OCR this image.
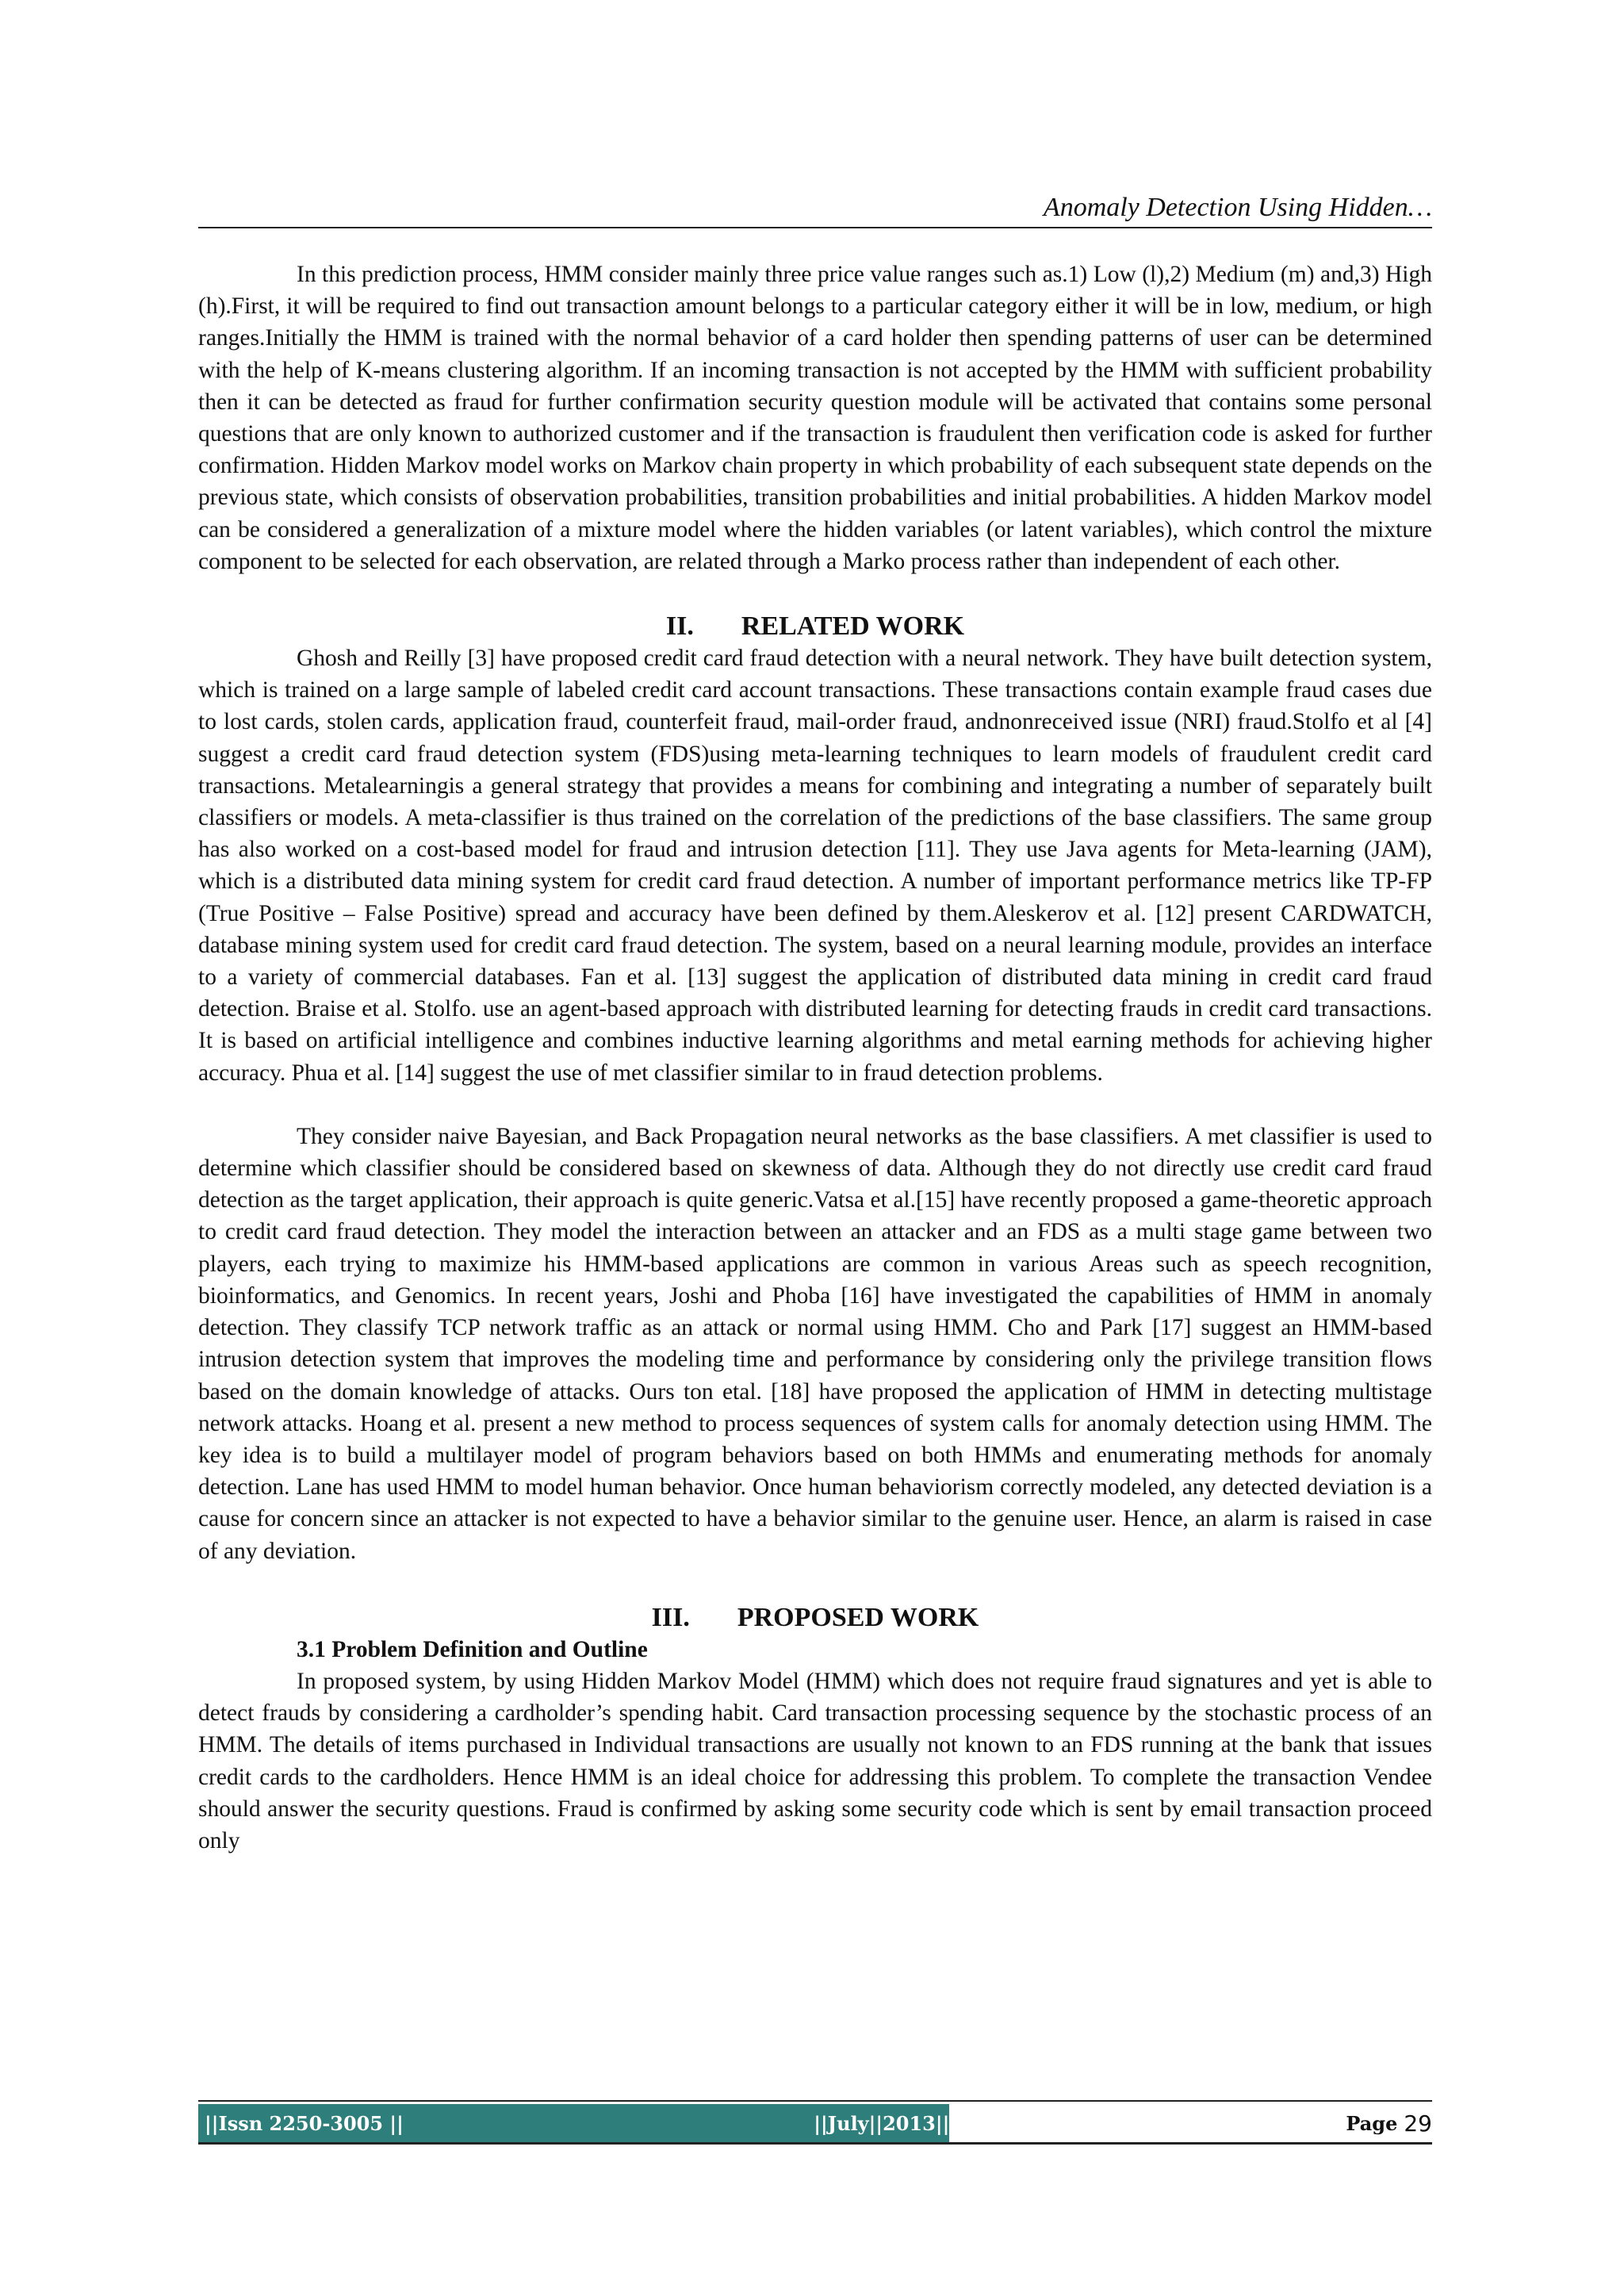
Anomaly Detection Using Hidden…

In this prediction process, HMM consider mainly three price value ranges such as.1) Low (l),2) Medium (m) and,3) High (h).First, it will be required to find out transaction amount belongs to a particular category either it will be in low, medium, or high ranges.Initially the HMM is trained with the normal behavior of a card holder then spending patterns of user can be determined with the help of K-means clustering algorithm. If an incoming transaction is not accepted by the HMM with sufficient probability then it can be detected as fraud for further confirmation security question module will be activated that contains some personal questions that are only known to authorized customer and if the transaction is fraudulent then verification code is asked for further confirmation. Hidden Markov model works on Markov chain property in which probability of each subsequent state depends on the previous state, which consists of observation probabilities, transition probabilities and initial probabilities. A hidden Markov model can be considered a generalization of a mixture model where the hidden variables (or latent variables), which control the mixture component to be selected for each observation, are related through a Marko process rather than independent of each other.

II. RELATED WORK

Ghosh and Reilly [3] have proposed credit card fraud detection with a neural network. They have built detection system, which is trained on a large sample of labeled credit card account transactions. These transactions contain example fraud cases due to lost cards, stolen cards, application fraud, counterfeit fraud, mail-order fraud, andnonreceived issue (NRI) fraud.Stolfo et al [4] suggest a credit card fraud detection system (FDS)using meta-learning techniques to learn models of fraudulent credit card transactions. Metalearningis a general strategy that provides a means for combining and integrating a number of separately built classifiers or models. A meta-classifier is thus trained on the correlation of the predictions of the base classifiers. The same group has also worked on a cost-based model for fraud and intrusion detection [11]. They use Java agents for Meta-learning (JAM), which is a distributed data mining system for credit card fraud detection. A number of important performance metrics like TP-FP (True Positive – False Positive) spread and accuracy have been defined by them.Aleskerov et al. [12] present CARDWATCH, database mining system used for credit card fraud detection. The system, based on a neural learning module, provides an interface to a variety of commercial databases. Fan et al. [13] suggest the application of distributed data mining in credit card fraud detection. Braise et al. Stolfo. use an agent-based approach with distributed learning for detecting frauds in credit card transactions. It is based on artificial intelligence and combines inductive learning algorithms and metal earning methods for achieving higher accuracy. Phua et al. [14] suggest the use of met classifier similar to in fraud detection problems.

They consider naive Bayesian, and Back Propagation neural networks as the base classifiers. A met classifier is used to determine which classifier should be considered based on skewness of data. Although they do not directly use credit card fraud detection as the target application, their approach is quite generic.Vatsa et al.[15] have recently proposed a game-theoretic approach to credit card fraud detection. They model the interaction between an attacker and an FDS as a multi stage game between two players, each trying to maximize his HMM-based applications are common in various Areas such as speech recognition, bioinformatics, and Genomics. In recent years, Joshi and Phoba [16] have investigated the capabilities of HMM in anomaly detection. They classify TCP network traffic as an attack or normal using HMM. Cho and Park [17] suggest an HMM-based intrusion detection system that improves the modeling time and performance by considering only the privilege transition flows based on the domain knowledge of attacks. Ours ton etal. [18] have proposed the application of HMM in detecting multistage network attacks. Hoang et al. present a new method to process sequences of system calls for anomaly detection using HMM. The key idea is to build a multilayer model of program behaviors based on both HMMs and enumerating methods for anomaly detection. Lane has used HMM to model human behavior. Once human behaviorism correctly modeled, any detected deviation is a cause for concern since an attacker is not expected to have a behavior similar to the genuine user. Hence, an alarm is raised in case of any deviation.

III. PROPOSED WORK

3.1 Problem Definition and Outline

In proposed system, by using Hidden Markov Model (HMM) which does not require fraud signatures and yet is able to detect frauds by considering a cardholder’s spending habit. Card transaction processing sequence by the stochastic process of an HMM. The details of items purchased in Individual transactions are usually not known to an FDS running at the bank that issues credit cards to the cardholders. Hence HMM is an ideal choice for addressing this problem. To complete the transaction Vendee should answer the security questions. Fraud is confirmed by asking some security code which is sent by email transaction proceed only

||Issn 2250-3005 ||	||July||2013||	Page 29
